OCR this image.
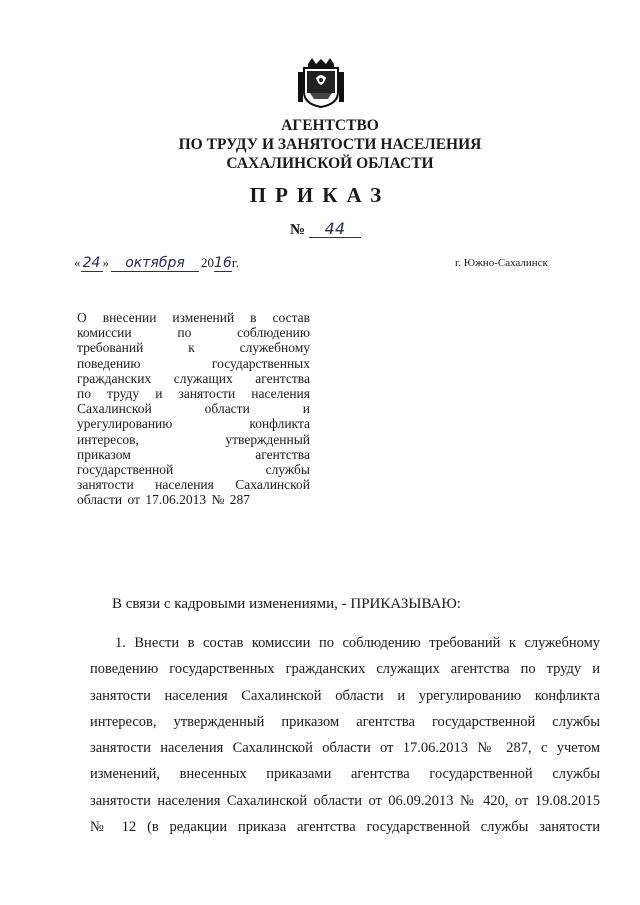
АГЕНТСТВО
ПО ТРУДУ И ЗАНЯТОСТИ НАСЕЛЕНИЯ
САХАЛИНСКОЙ ОБЛАСТИ
ПРИКАЗ
№ 44
« 24 » октября 2016г.	г. Южно-Сахалинск
О внесении изменений в состав
комиссии по соблюдению
требований к служебному
поведению государственных
гражданских служащих агентства
по труду и занятости населения
Сахалинской области и
урегулированию конфликта
интересов, утвержденный
приказом агентства
государственной службы
занятости населения Сахалинской
области от 17.06.2013 № 287
В связи с кадровыми изменениями, - ПРИКАЗЫВАЮ:
1. Внести в состав комиссии по соблюдению требований к служебному
поведению государственных гражданских служащих агентства по труду и
занятости населения Сахалинской области и урегулированию конфликта
интересов, утвержденный приказом агентства государственной службы
занятости населения Сахалинской области от 17.06.2013 № 287, с учетом
изменений, внесенных приказами агентства государственной службы
занятости населения Сахалинской области от 06.09.2013 № 420, от 19.08.2015
№ 12 (в редакции приказа агентства государственной службы занятости
